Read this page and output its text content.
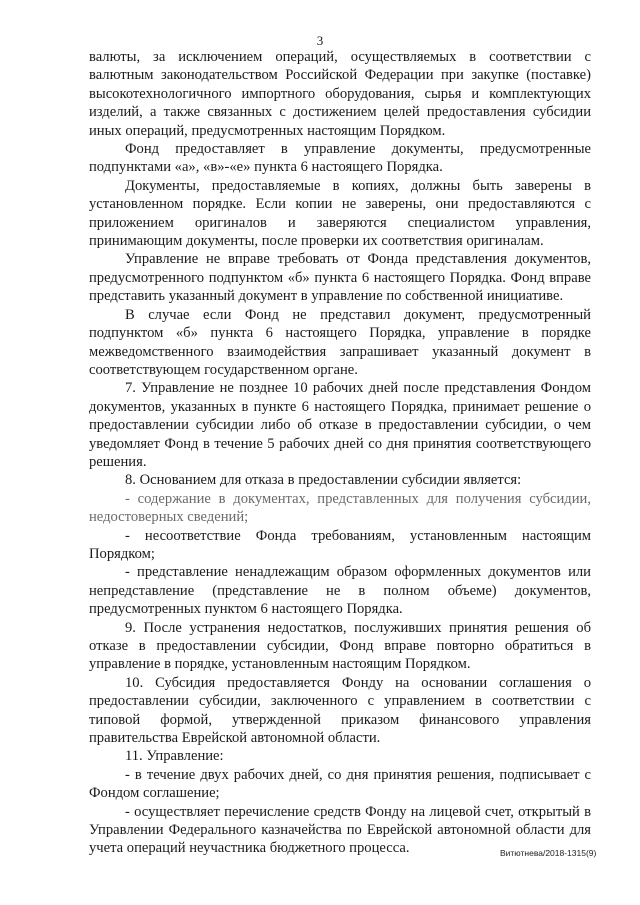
3

валюты, за исключением операций, осуществляемых в соответствии с валютным законодательством Российской Федерации при закупке (поставке) высокотехнологичного импортного оборудования, сырья и комплектующих изделий, а также связанных с достижением целей предоставления субсидии иных операций, предусмотренных настоящим Порядком.

Фонд предоставляет в управление документы, предусмотренные подпунктами «а», «в»-«е» пункта 6 настоящего Порядка.

Документы, предоставляемые в копиях, должны быть заверены в установленном порядке. Если копии не заверены, они предоставляются с приложением оригиналов и заверяются специалистом управления, принимающим документы, после проверки их соответствия оригиналам.

Управление не вправе требовать от Фонда представления документов, предусмотренного подпунктом «б» пункта 6 настоящего Порядка. Фонд вправе представить указанный документ в управление по собственной инициативе.

В случае если Фонд не представил документ, предусмотренный подпунктом «б» пункта 6 настоящего Порядка, управление в порядке межведомственного взаимодействия запрашивает указанный документ в соответствующем государственном органе.

7. Управление не позднее 10 рабочих дней после представления Фондом документов, указанных в пункте 6 настоящего Порядка, принимает решение о предоставлении субсидии либо об отказе в предоставлении субсидии, о чем уведомляет Фонд в течение 5 рабочих дней со дня принятия соответствующего решения.

8. Основанием для отказа в предоставлении субсидии является:

- содержание в документах, представленных для получения субсидии, недостоверных сведений;

- несоответствие Фонда требованиям, установленным настоящим Порядком;

- представление ненадлежащим образом оформленных документов или непредставление (представление не в полном объеме) документов, предусмотренных пунктом 6 настоящего Порядка.

9. После устранения недостатков, послуживших принятия решения об отказе в предоставлении субсидии, Фонд вправе повторно обратиться в управление в порядке, установленным настоящим Порядком.

10. Субсидия предоставляется Фонду на основании соглашения о предоставлении субсидии, заключенного с управлением в соответствии с типовой формой, утвержденной приказом финансового управления правительства Еврейской автономной области.

11. Управление:

- в течение двух рабочих дней, со дня принятия решения, подписывает с Фондом соглашение;

- осуществляет перечисление средств Фонду на лицевой счет, открытый в Управлении Федерального казначейства по Еврейской автономной области для учета операций неучастника бюджетного процесса.	Витютнева/2018-1315(9)
